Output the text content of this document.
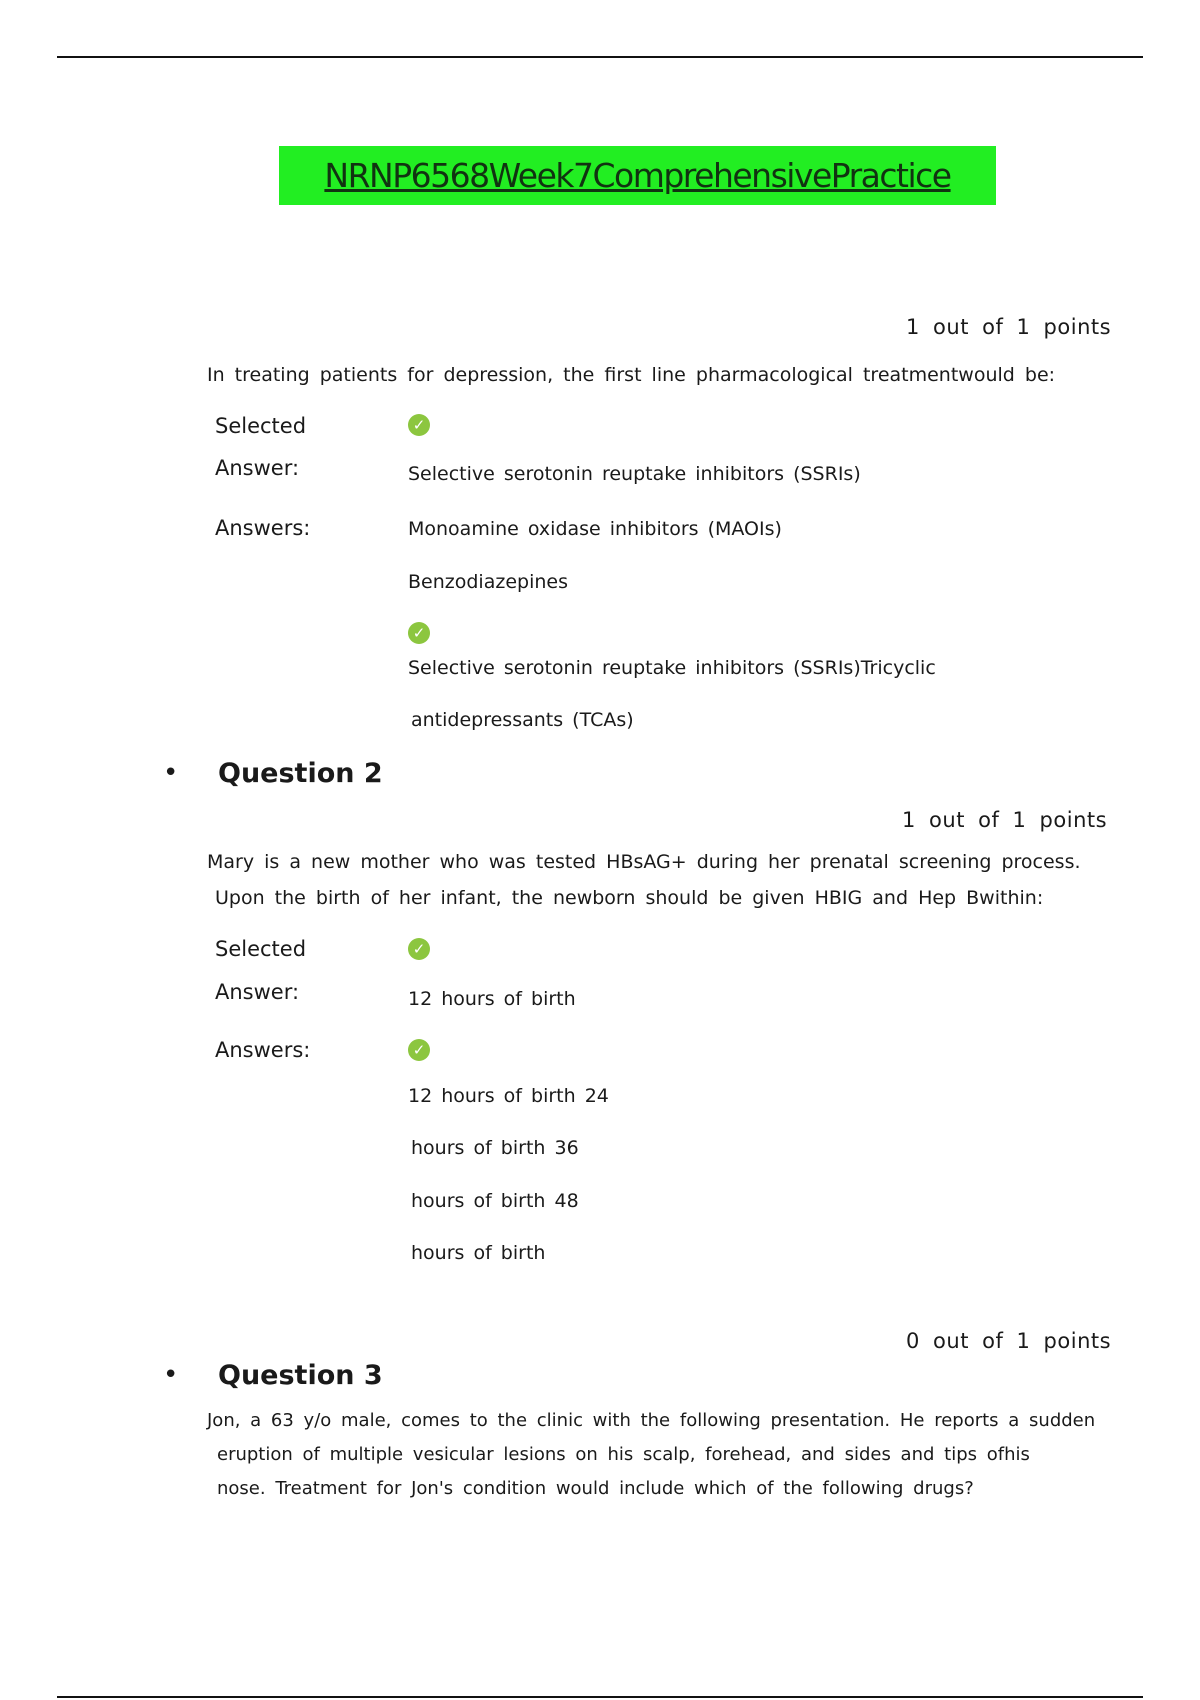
NRNP6568Week7ComprehensivePractice
1 out of 1 points
In treating patients for depression, the first line pharmacological treatmentwould be:
Selected
Answer:
✓
Selective serotonin reuptake inhibitors (SSRIs)
Answers:	Monoamine oxidase inhibitors (MAOIs)
Benzodiazepines
✓
Selective serotonin reuptake inhibitors (SSRIs)Tricyclic
antidepressants (TCAs)
• Question 2
1 out of 1 points
Mary is a new mother who was tested HBsAG+ during her prenatal screening process.
Upon the birth of her infant, the newborn should be given HBIG and Hep Bwithin:
Selected
Answer:
✓
12 hours of birth
Answers:	✓
12 hours of birth 24
hours of birth 36
hours of birth 48
hours of birth
0 out of 1 points
• Question 3
Jon, a 63 y/o male, comes to the clinic with the following presentation. He reports a sudden
eruption of multiple vesicular lesions on his scalp, forehead, and sides and tips ofhis
nose. Treatment for Jon's condition would include which of the following drugs?
